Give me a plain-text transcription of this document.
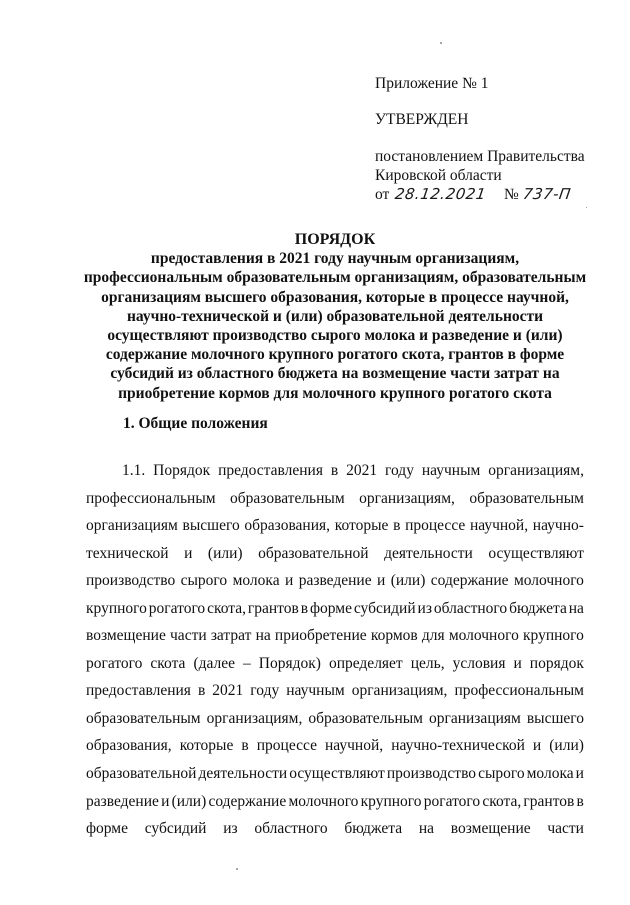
Приложение № 1
УТВЕРЖДЕН
постановлением Правительства
Кировской области
от 28.12.2021 № 737-П
ПОРЯДОК
предоставления в 2021 году научным организациям,
профессиональным образовательным организациям, образовательным
организациям высшего образования, которые в процессе научной,
научно-технической и (или) образовательной деятельности
осуществляют производство сырого молока и разведение и (или)
содержание молочного крупного рогатого скота, грантов в форме
субсидий из областного бюджета на возмещение части затрат на
приобретение кормов для молочного крупного рогатого скота
1. Общие положения
1.1. Порядок предоставления в 2021 году научным организациям,
профессиональным образовательным организациям, образовательным
организациям высшего образования, которые в процессе научной, научно-
технической и (или) образовательной деятельности осуществляют
производство сырого молока и разведение и (или) содержание молочного
крупного рогатого скота, грантов в форме субсидий из областного бюджета на
возмещение части затрат на приобретение кормов для молочного крупного
рогатого скота (далее – Порядок) определяет цель, условия и порядок
предоставления в 2021 году научным организациям, профессиональным
образовательным организациям, образовательным организациям высшего
образования, которые в процессе научной, научно-технической и (или)
образовательной деятельности осуществляют производство сырого молока и
разведение и (или) содержание молочного крупного рогатого скота, грантов в
форме субсидий из областного бюджета на возмещение части
